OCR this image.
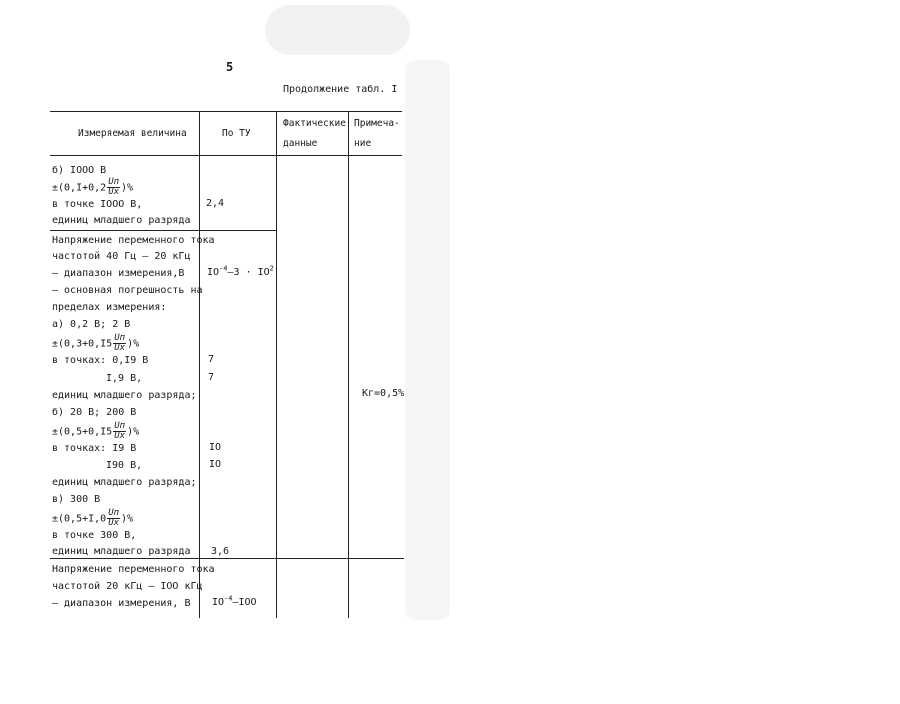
5
Продолжение табл. I
Измеряемая величина	По ТУ
Фактические
данные
Примеча-
ние
б) IООО В
$\pm(0,I+0,2 \frac{Uп}{Ux}$ )%
в точке IООО В,
единиц младшего разряда
2,4
Напряжение переменного тока
частотой 40 Гц – 20 кГц
– диапазон измерения,В
– основная погрешность на
пределах измерения:
а) 0,2 В; 2 В
$\pm(0,3+0,I5 \frac{Uп}{Ux}$ )%
в точках: 0,I9 В
I,9 В,
единиц младшего разряда;
б) 20 В; 200 В
$\pm(0,5+0,I5 \frac{Uп}{Ux}$ )%
в точках: I9 В
I90 В,
единиц младшего разряда;
в) 300 В
$\pm(0,5+I,0 \frac{Uп}{Ux}$ )%
в точке 300 В,
единиц младшего разряда
$IO^{-4}-3 \cdot IO^2$
7
7
IO
IO
3,6
Кг=0,5%
Напряжение переменного тока
частотой 20 кГц – IOO кГц
– диапазон измерения, В $IO^{-4}$–IOO
